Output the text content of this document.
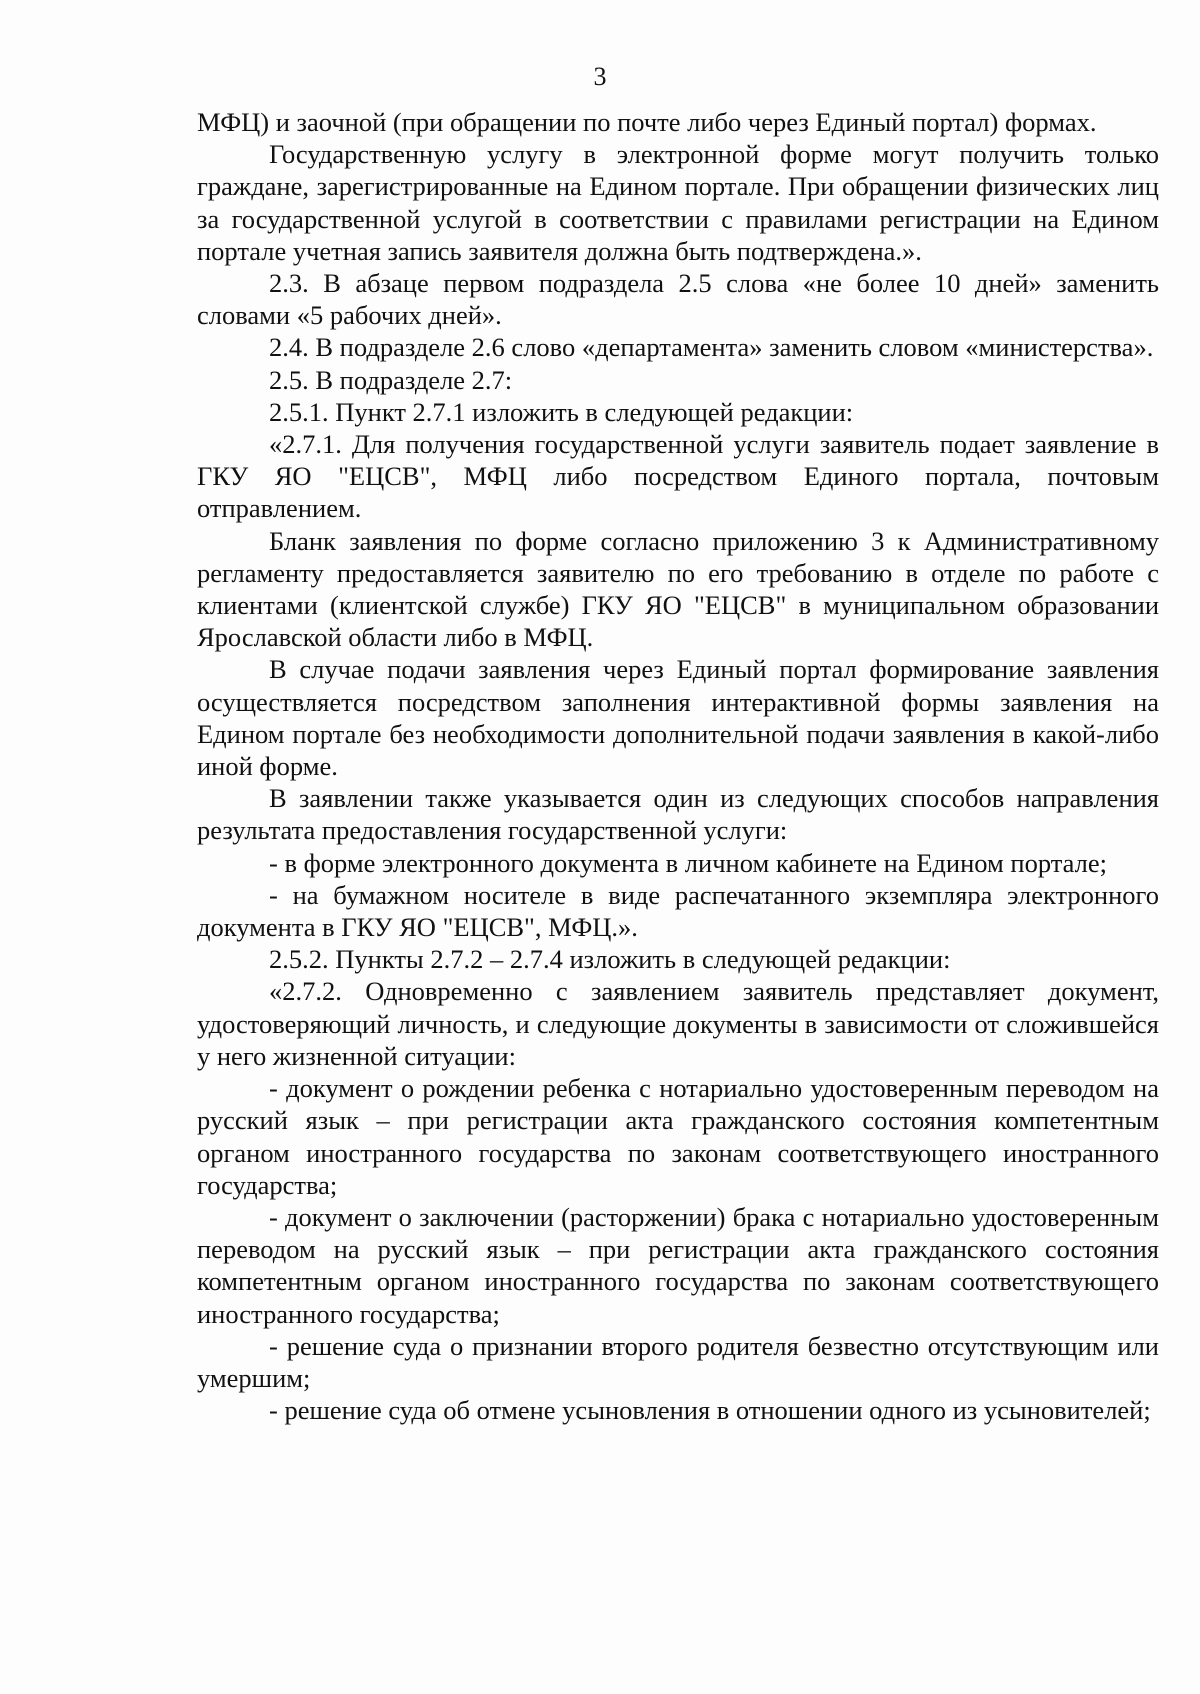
3

МФЦ) и заочной (при обращении по почте либо через Единый портал) формах.

Государственную услугу в электронной форме могут получить только граждане, зарегистрированные на Едином портале. При обращении физических лиц за государственной услугой в соответствии с правилами регистрации на Едином портале учетная запись заявителя должна быть подтверждена.».

2.3. В абзаце первом подраздела 2.5 слова «не более 10 дней» заменить словами «5 рабочих дней».

2.4. В подразделе 2.6 слово «департамента» заменить словом «министерства».

2.5. В подразделе 2.7:

2.5.1. Пункт 2.7.1 изложить в следующей редакции:

«2.7.1. Для получения государственной услуги заявитель подает заявление в ГКУ ЯО "ЕЦСВ", МФЦ либо посредством Единого портала, почтовым отправлением.

Бланк заявления по форме согласно приложению 3 к Административному регламенту предоставляется заявителю по его требованию в отделе по работе с клиентами (клиентской службе) ГКУ ЯО "ЕЦСВ" в муниципальном образовании Ярославской области либо в МФЦ.

В случае подачи заявления через Единый портал формирование заявления осуществляется посредством заполнения интерактивной формы заявления на Едином портале без необходимости дополнительной подачи заявления в какой-либо иной форме.

В заявлении также указывается один из следующих способов направления результата предоставления государственной услуги:

- в форме электронного документа в личном кабинете на Едином портале;

- на бумажном носителе в виде распечатанного экземпляра электронного документа в ГКУ ЯО "ЕЦСВ", МФЦ.».

2.5.2. Пункты 2.7.2 – 2.7.4 изложить в следующей редакции:

«2.7.2. Одновременно с заявлением заявитель представляет документ, удостоверяющий личность, и следующие документы в зависимости от сложившейся у него жизненной ситуации:

- документ о рождении ребенка с нотариально удостоверенным переводом на русский язык – при регистрации акта гражданского состояния компетентным органом иностранного государства по законам соответствующего иностранного государства;

- документ о заключении (расторжении) брака с нотариально удостоверенным переводом на русский язык – при регистрации акта гражданского состояния компетентным органом иностранного государства по законам соответствующего иностранного государства;

- решение суда о признании второго родителя безвестно отсутствующим или умершим;

- решение суда об отмене усыновления в отношении одного из усыновителей;
